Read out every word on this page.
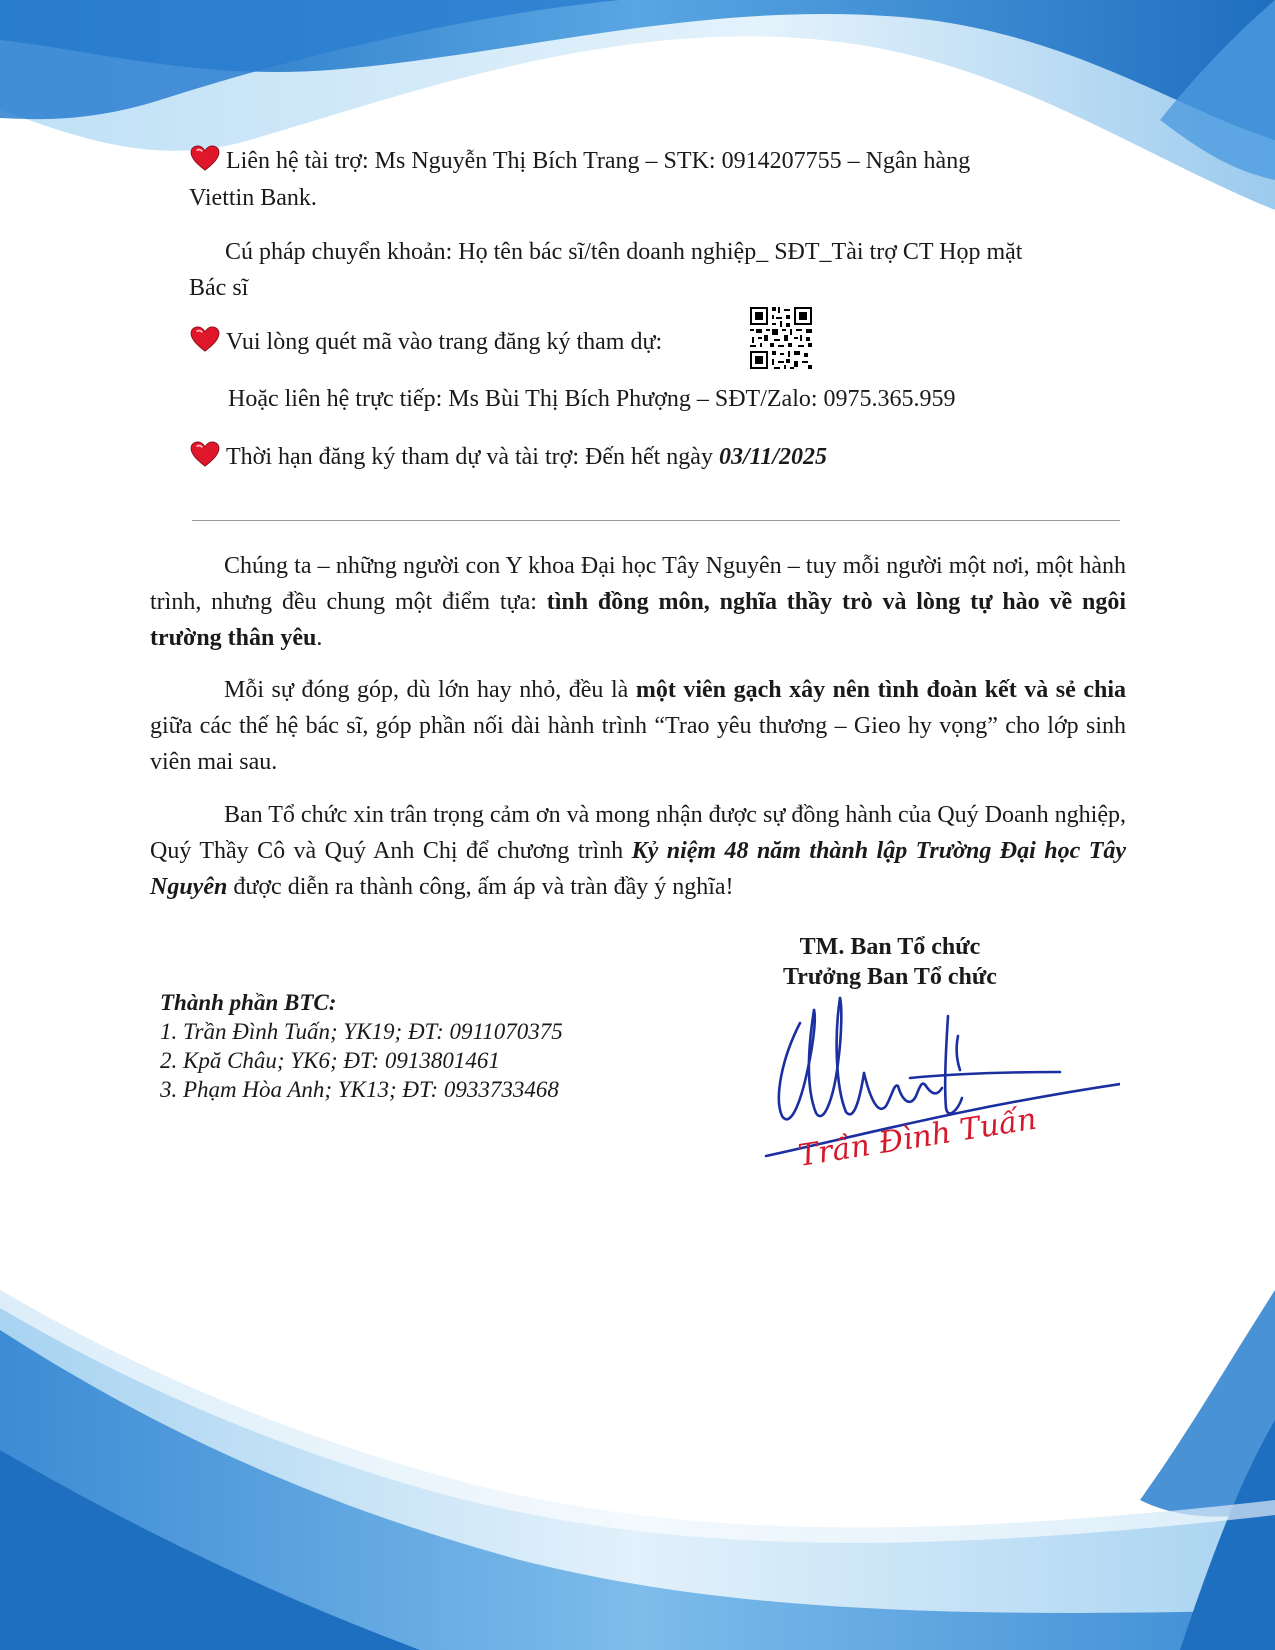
Liên hệ tài trợ: Ms Nguyễn Thị Bích Trang – STK: 0914207755 – Ngân hàng
Viettin Bank.
Cú pháp chuyển khoản: Họ tên bác sĩ/tên doanh nghiệp_ SĐT_Tài trợ CT Họp mặt
Bác sĩ
Vui lòng quét mã vào trang đăng ký tham dự:
Hoặc liên hệ trực tiếp: Ms Bùi Thị Bích Phượng – SĐT/Zalo: 0975.365.959
Thời hạn đăng ký tham dự và tài trợ: Đến hết ngày 03/11/2025
Chúng ta – những người con Y khoa Đại học Tây Nguyên – tuy mỗi người một nơi, một hành trình, nhưng đều chung một điểm tựa: tình đồng môn, nghĩa thầy trò và lòng tự hào về ngôi trường thân yêu.
Mỗi sự đóng góp, dù lớn hay nhỏ, đều là một viên gạch xây nên tình đoàn kết và sẻ chia giữa các thế hệ bác sĩ, góp phần nối dài hành trình “Trao yêu thương – Gieo hy vọng” cho lớp sinh viên mai sau.
Ban Tổ chức xin trân trọng cảm ơn và mong nhận được sự đồng hành của Quý Doanh nghiệp, Quý Thầy Cô và Quý Anh Chị để chương trình Kỷ niệm 48 năm thành lập Trường Đại học Tây Nguyên được diễn ra thành công, ấm áp và tràn đầy ý nghĩa!
TM. Ban Tổ chức
Trưởng Ban Tổ chức
Thành phần BTC:
1. Trần Đình Tuấn; YK19; ĐT: 0911070375
2. Kpă Châu; YK6; ĐT: 0913801461
3. Phạm Hòa Anh; YK13; ĐT: 0933733468
Trần Đình Tuấn
